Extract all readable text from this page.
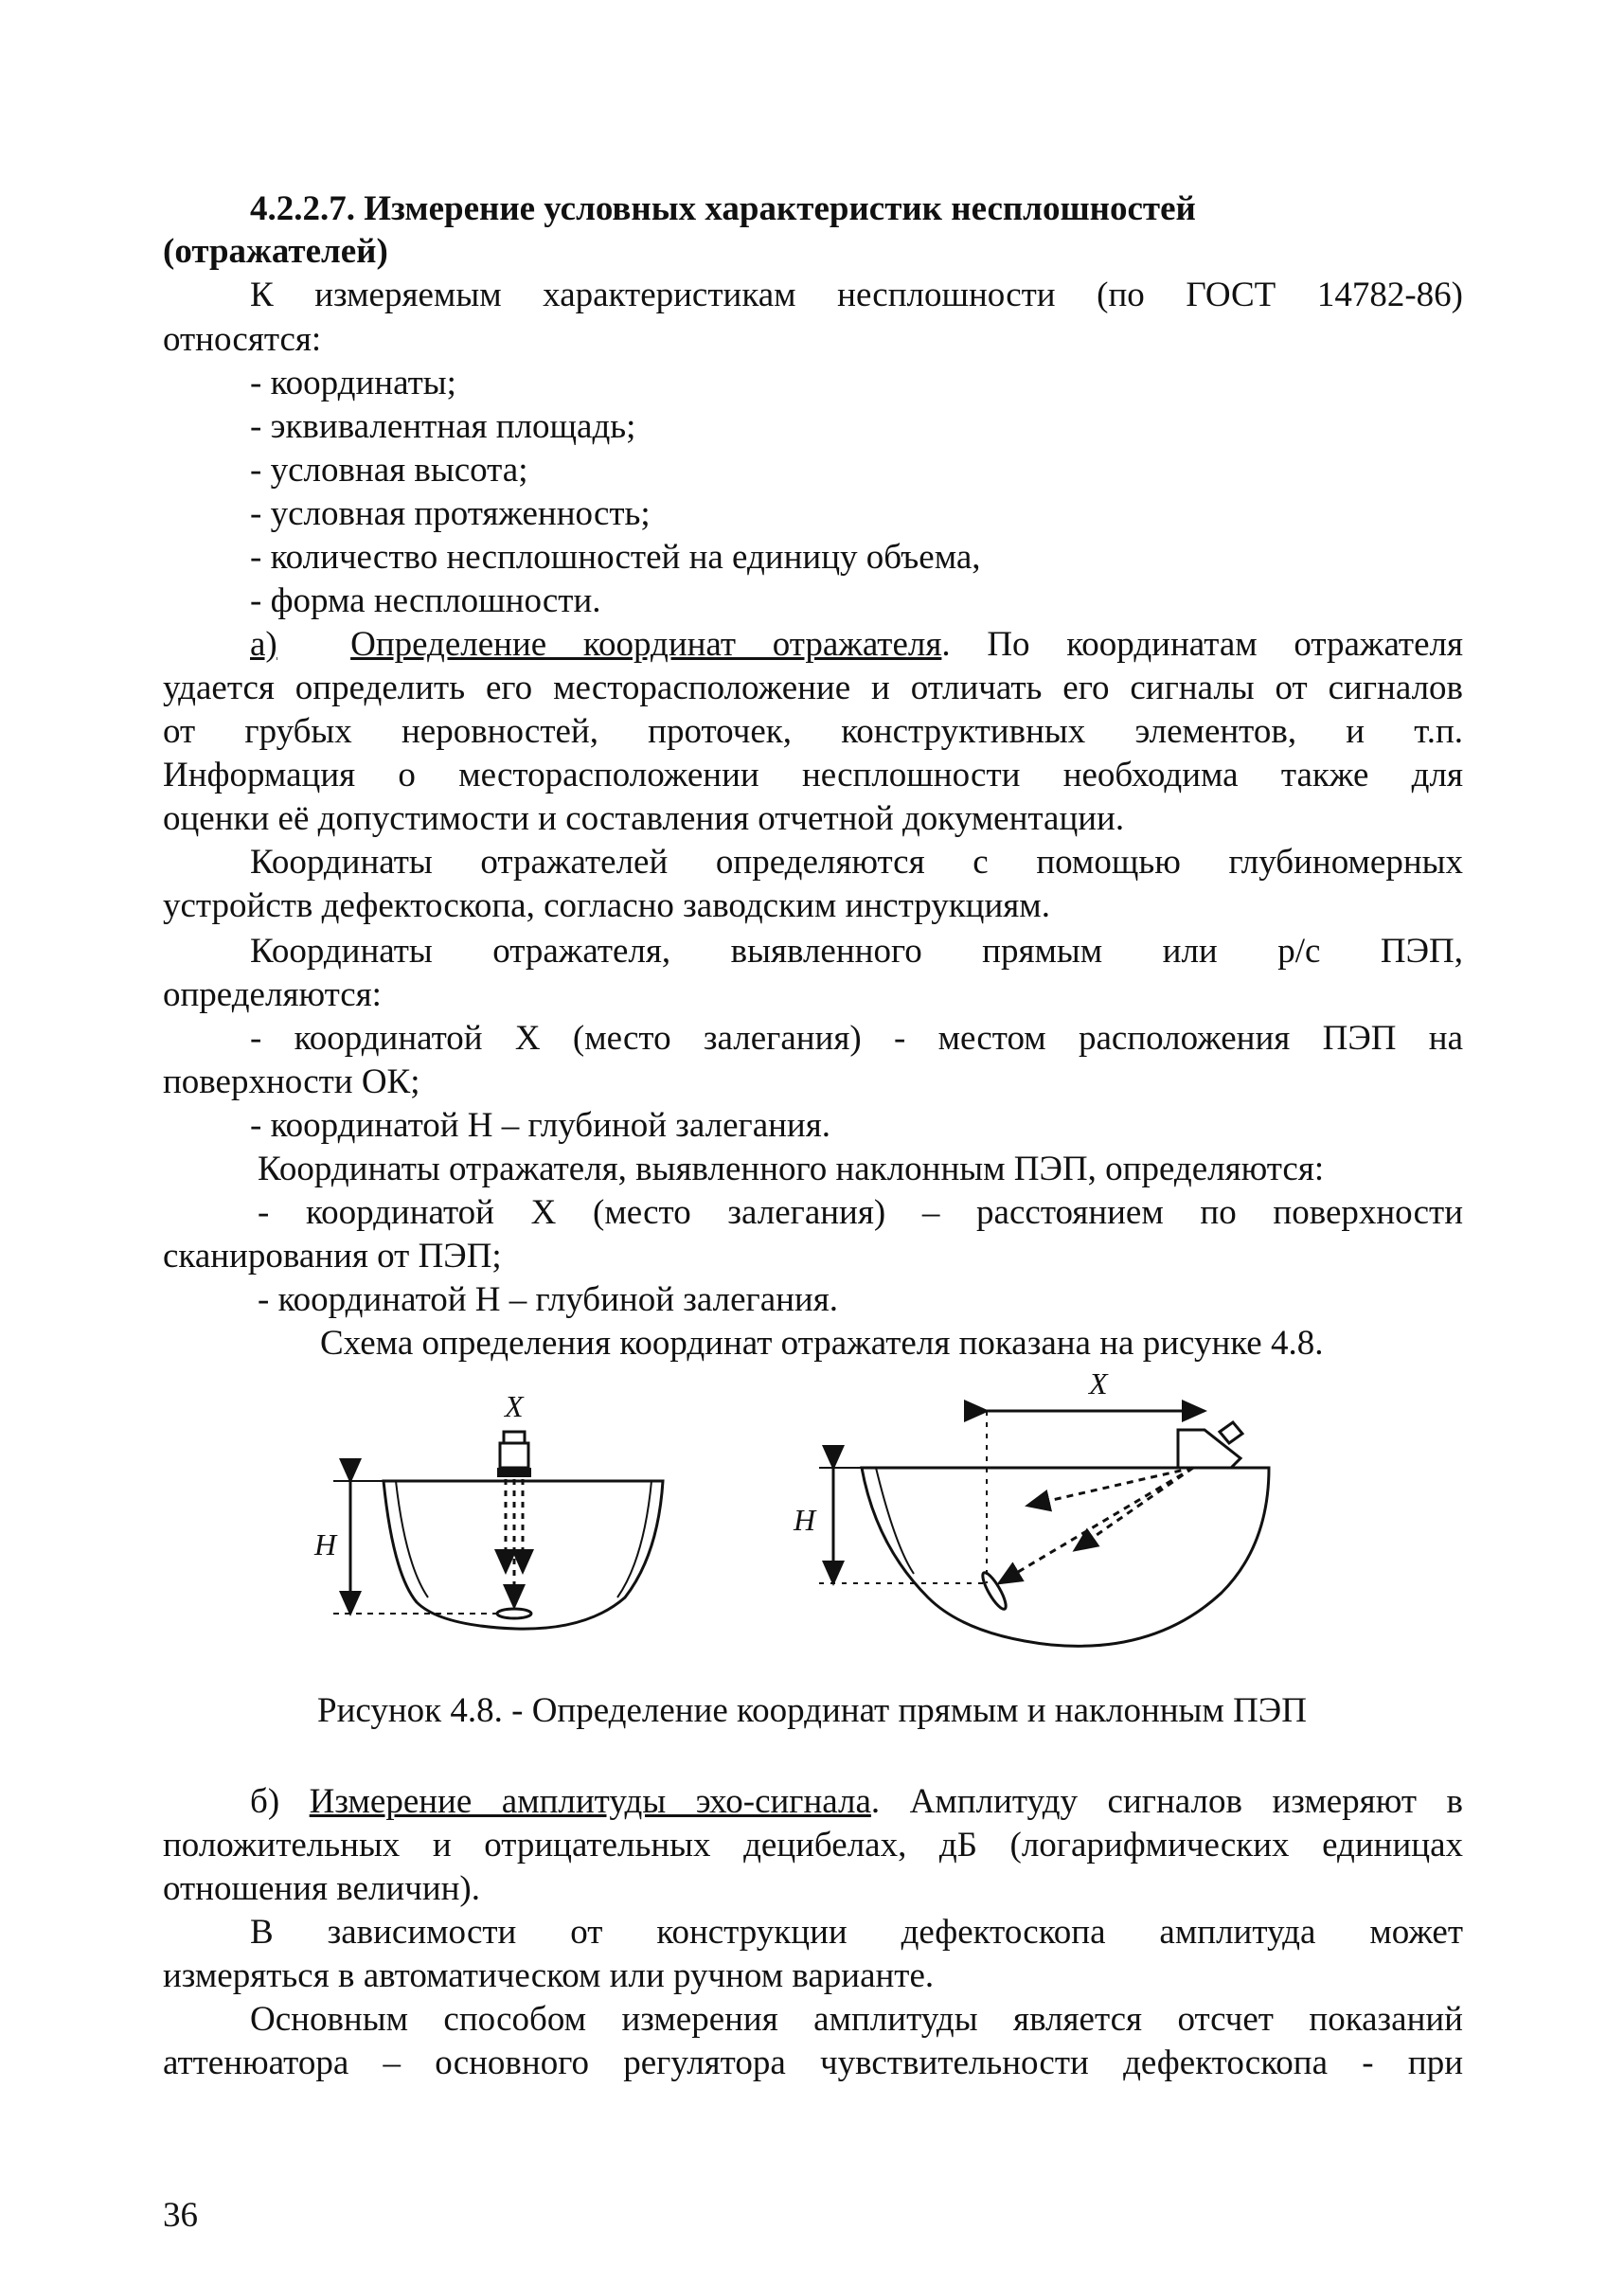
4.2.2.7. Измерение условных характеристик несплошностей
(отражателей)
К измеряемым характеристикам несплошности (по ГОСТ 14782-86)
относятся:
- координаты;
- эквивалентная площадь;
- условная высота;
- условная протяженность;
- количество несплошностей на единицу объема,
- форма несплошности.
а) Определение координат отражателя. По координатам отражателя
удается определить его месторасположение и отличать его сигналы от сигналов
от грубых неровностей, проточек, конструктивных элементов, и т.п.
Информация о месторасположении несплошности необходима также для
оценки её допустимости и составления отчетной документации.
Координаты отражателей определяются с помощью глубиномерных
устройств дефектоскопа, согласно заводским инструкциям.
Координаты отражателя, выявленного прямым или р/с ПЭП,
определяются:
- координатой Х (место залегания) - местом расположения ПЭП на
поверхности ОК;
- координатой Н – глубиной залегания.
Координаты отражателя, выявленного наклонным ПЭП, определяются:
- координатой Х (место залегания) – расстоянием по поверхности
сканирования от ПЭП;
- координатой Н – глубиной залегания.
Схема определения координат отражателя показана на рисунке 4.8.
X
H
X
H
Рисунок 4.8. - Определение координат прямым и наклонным ПЭП
б) Измерение амплитуды эхо-сигнала. Амплитуду сигналов измеряют в
положительных и отрицательных децибелах, дБ (логарифмических единицах
отношения величин).
В зависимости от конструкции дефектоскопа амплитуда может
измеряться в автоматическом или ручном варианте.
Основным способом измерения амплитуды является отсчет показаний
аттенюатора – основного регулятора чувствительности дефектоскопа - при
36
